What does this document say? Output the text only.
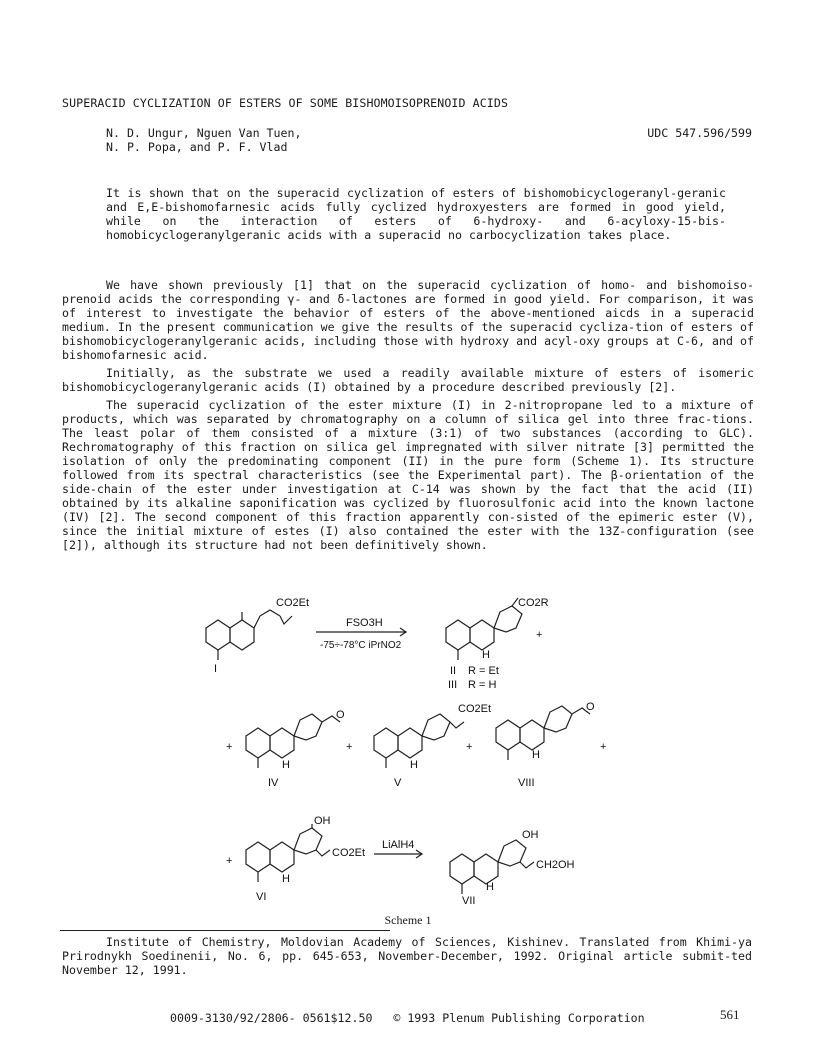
SUPERACID CYCLIZATION OF ESTERS OF SOME BISHOMOISOPRENOID ACIDS
N. D. Ungur, Nguen Van Tuen,
N. P. Popa, and P. F. Vlad
UDC 547.596/599
It is shown that on the superacid cyclization of esters of bishomobicyclogeranyl-geranic and E,E-bishomofarnesic acids fully cyclized hydroxyesters are formed in good yield, while on the interaction of esters of 6-hydroxy- and 6-acyloxy-15-bis-homobicyclogeranylgeranic acids with a superacid no carbocyclization takes place.

We have shown previously [1] that on the superacid cyclization of homo- and bishomoiso-prenoid acids the corresponding γ- and δ-lactones are formed in good yield. For comparison, it was of interest to investigate the behavior of esters of the above-mentioned aicds in a superacid medium. In the present communication we give the results of the superacid cycliza-tion of esters of bishomobicyclogeranylgeranic acids, including those with hydroxy and acyl-oxy groups at C-6, and of bishomofarnesic acid.

Initially, as the substrate we used a readily available mixture of esters of isomeric bishomobicyclogeranylgeranic acids (I) obtained by a procedure described previously [2].

The superacid cyclization of the ester mixture (I) in 2-nitropropane led to a mixture of products, which was separated by chromatography on a column of silica gel into three frac-tions. The least polar of them consisted of a mixture (3:1) of two substances (according to GLC). Rechromatography of this fraction on silica gel impregnated with silver nitrate [3] permitted the isolation of only the predominating component (II) in the pure form (Scheme 1). Its structure followed from its spectral characteristics (see the Experimental part). The β-orientation of the side-chain of the ester under investigation at C-14 was shown by the fact that the acid (II) obtained by its alkaline saponification was cyclized by fluorosulfonic acid into the known lactone (IV) [2]. The second component of this fraction apparently con-sisted of the epimeric ester (V), since the initial mixture of estes (I) also contained the ester with the 13Z-configuration (see [2]), although its structure had not been definitively shown.

CO2Et
I
FSO3H
-75÷-78°C iPrNO2
CO2R
H
+
II R = Et
III R = H
+
O
H
IV
+
CO2Et
H
V
+
O
H
VIII
+
+
OH
CO2Et
H
VI
LiAlH4
OH
CH2OH
H
VII
Scheme 1
Institute of Chemistry, Moldovian Academy of Sciences, Kishinev. Translated from Khimi-ya Prirodnykh Soedinenii, No. 6, pp. 645-653, November-December, 1992. Original article submit-ted November 12, 1991.
0009-3130/92/2806- 0561$12.50   © 1993 Plenum Publishing Corporation	561
